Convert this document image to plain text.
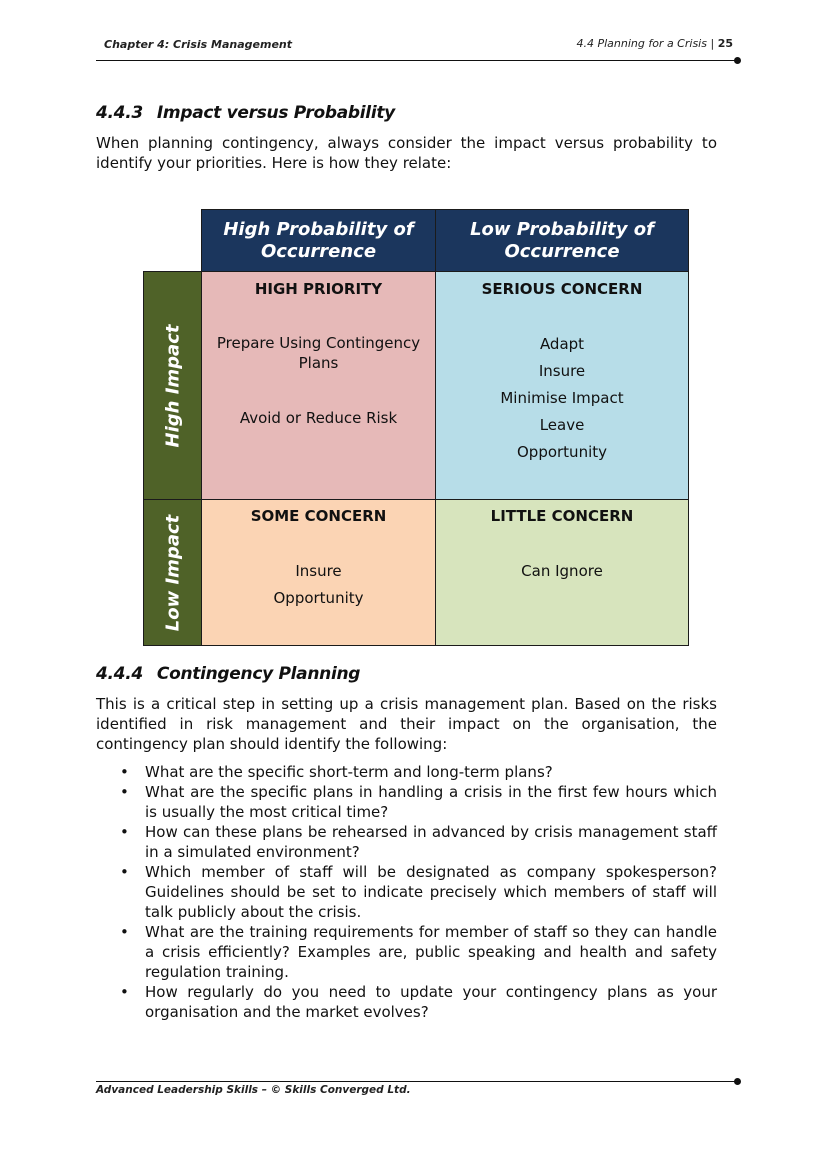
Chapter 4: Crisis Management	4.4 Planning for a Crisis | 25
4.4.3 Impact versus Probability
When planning contingency, always consider the impact versus probability to identify your priorities. Here is how they relate:
High Probability of Occurrence
Low Probability of Occurrence
High Impact
Low Impact
HIGH PRIORITY
Prepare Using Contingency Plans
Avoid or Reduce Risk
SERIOUS CONCERN
Adapt
Insure
Minimise Impact
Leave
Opportunity
SOME CONCERN
Insure
Opportunity
LITTLE CONCERN
Can Ignore
4.4.4 Contingency Planning
This is a critical step in setting up a crisis management plan. Based on the risks identified in risk management and their impact on the organisation, the contingency plan should identify the following:
• What are the specific short-term and long-term plans?
• What are the specific plans in handling a crisis in the first few hours which is usually the most critical time?
• How can these plans be rehearsed in advanced by crisis management staff in a simulated environment?
• Which member of staff will be designated as company spokesperson? Guidelines should be set to indicate precisely which members of staff will talk publicly about the crisis.
• What are the training requirements for member of staff so they can handle a crisis efficiently? Examples are, public speaking and health and safety regulation training.
• How regularly do you need to update your contingency plans as your organisation and the market evolves?
Advanced Leadership Skills – © Skills Converged Ltd.
